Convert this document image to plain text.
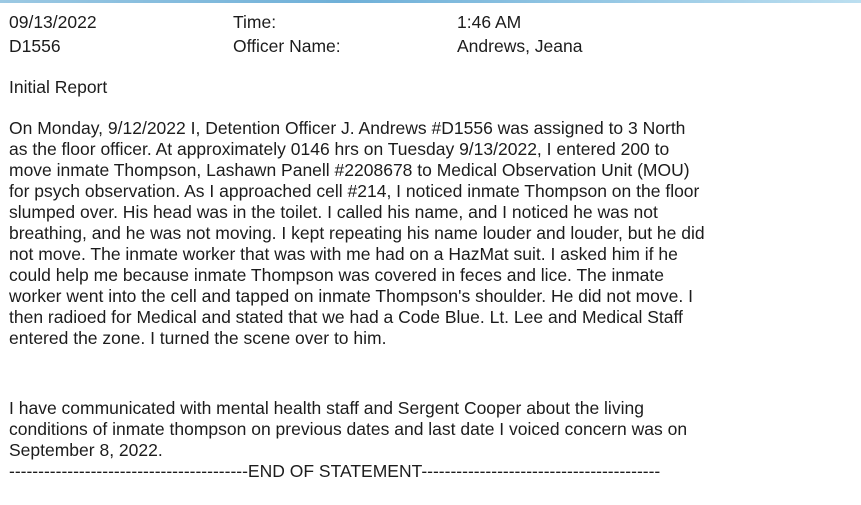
09/13/2022
D1556
Time:
Officer Name:
1:46 AM
Andrews, Jeana
Initial Report
On Monday, 9/12/2022 I, Detention Officer J. Andrews #D1556 was assigned to 3 North
as the floor officer. At approximately 0146 hrs on Tuesday 9/13/2022, I entered 200 to
move inmate Thompson, Lashawn Panell #2208678 to Medical Observation Unit (MOU)
for psych observation. As I approached cell #214, I noticed inmate Thompson on the floor
slumped over. His head was in the toilet. I called his name, and I noticed he was not
breathing, and he was not moving. I kept repeating his name louder and louder, but he did
not move. The inmate worker that was with me had on a HazMat suit. I asked him if he
could help me because inmate Thompson was covered in feces and lice. The inmate
worker went into the cell and tapped on inmate Thompson's shoulder. He did not move. I
then radioed for Medical and stated that we had a Code Blue. Lt. Lee and Medical Staff
entered the zone. I turned the scene over to him.
I have communicated with mental health staff and Sergent Cooper about the living
conditions of inmate thompson on previous dates and last date I voiced concern was on
September 8, 2022.
-----------------------------------------END OF STATEMENT-----------------------------------------
